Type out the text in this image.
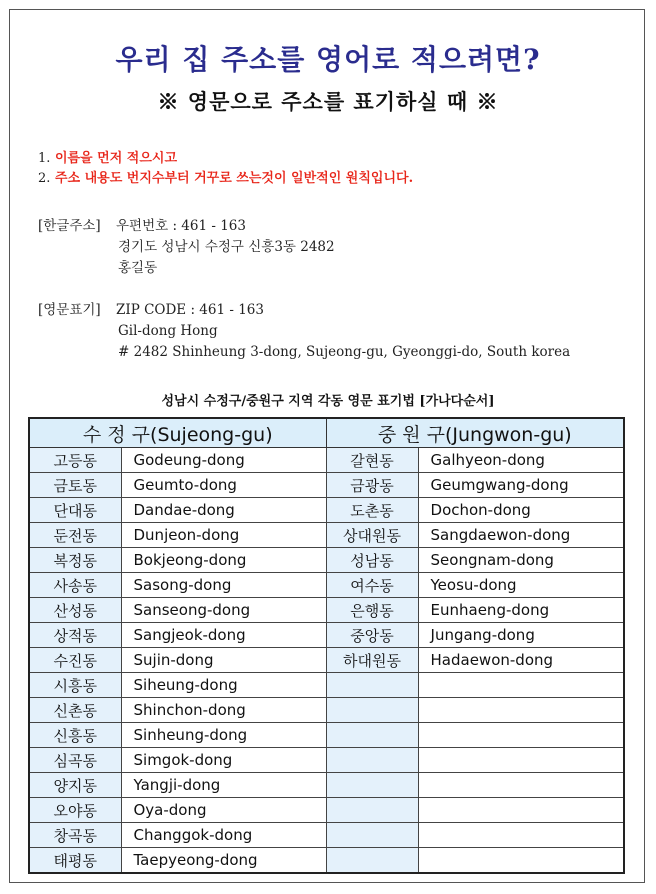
우리 집 주소를 영어로 적으려면?
※ 영문으로 주소를 표기하실 때 ※
1. 이름을 먼저 적으시고
2. 주소 내용도 번지수부터 거꾸로 쓰는것이 일반적인 원칙입니다.
[한글주소] 우편번호 : 461 - 163
경기도 성남시 수정구 신흥3동 2482
홍길동
[영문표기] ZIP CODE : 461 - 163
Gil-dong Hong
# 2482 Shinheung 3-dong, Sujeong-gu, Gyeonggi-do, South korea
성남시 수정구/중원구 지역 각동 영문 표기법 [가나다순서]
수 정 구(Sujeong-gu)		중 원 구(Jungwon-gu)	
고등동	Godeung-dong	갈현동	Galhyeon-dong
금토동	Geumto-dong	금광동	Geumgwang-dong
단대동	Dandae-dong	도촌동	Dochon-dong
둔전동	Dunjeon-dong	상대원동	Sangdaewon-dong
복정동	Bokjeong-dong	성남동	Seongnam-dong
사송동	Sasong-dong	여수동	Yeosu-dong
산성동	Sanseong-dong	은행동	Eunhaeng-dong
상적동	Sangjeok-dong	중앙동	Jungang-dong
수진동	Sujin-dong	하대원동	Hadaewon-dong
시흥동	Siheung-dong		
신촌동	Shinchon-dong		
신흥동	Sinheung-dong		
심곡동	Simgok-dong		
양지동	Yangji-dong		
오야동	Oya-dong		
창곡동	Changgok-dong		
태평동	Taepyeong-dong		
